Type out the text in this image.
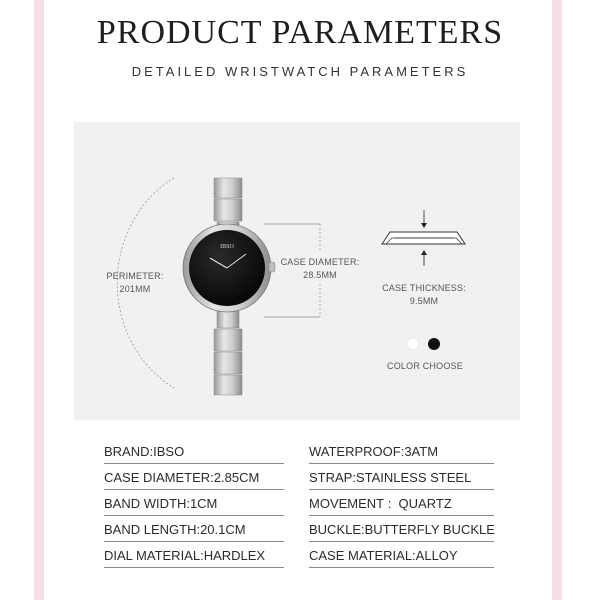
PRODUCT PARAMETERS
DETAILED WRISTWATCH PARAMETERS
IBSO
PERIMETER:
201MM
CASE DIAMETER:
28.5MM
CASE THICKNESS:
9.5MM
COLOR CHOOSE
BRAND:IBSO	WATERPROOF:3ATM
CASE DIAMETER:2.85CM	STRAP:STAINLESS STEEL
BAND WIDTH:1CM	MOVEMENT :  QUARTZ
BAND LENGTH:20.1CM	BUCKLE:BUTTERFLY BUCKLE
DIAL MATERIAL:HARDLEX	CASE MATERIAL:ALLOY
